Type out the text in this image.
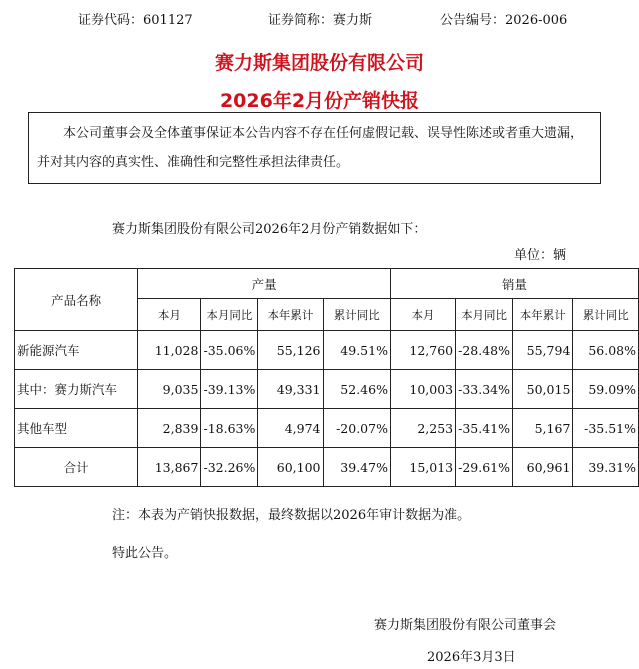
证券代码：601127	证券简称：赛力斯	公告编号：2026-006
赛力斯集团股份有限公司
2026年2月份产销快报
本公司董事会及全体董事保证本公告内容不存在任何虚假记载、误导性陈述或者重大遗漏，并对其内容的真实性、准确性和完整性承担法律责任。
赛力斯集团股份有限公司2026年2月份产销数据如下：
单位：辆
产品名称	产量				销量			
	本月	本月同比	本年累计	累计同比	本月	本月同比	本年累计	累计同比
新能源汽车	11,028	-35.06%	55,126	49.51%	12,760	-28.48%	55,794	56.08%
其中：赛力斯汽车	9,035	-39.13%	49,331	52.46%	10,003	-33.34%	50,015	59.09%
其他车型	2,839	-18.63%	4,974	-20.07%	2,253	-35.41%	5,167	-35.51%
合计	13,867	-32.26%	60,100	39.47%	15,013	-29.61%	60,961	39.31%
注：本表为产销快报数据，最终数据以2026年审计数据为准。
特此公告。
赛力斯集团股份有限公司董事会
2026年3月3日
